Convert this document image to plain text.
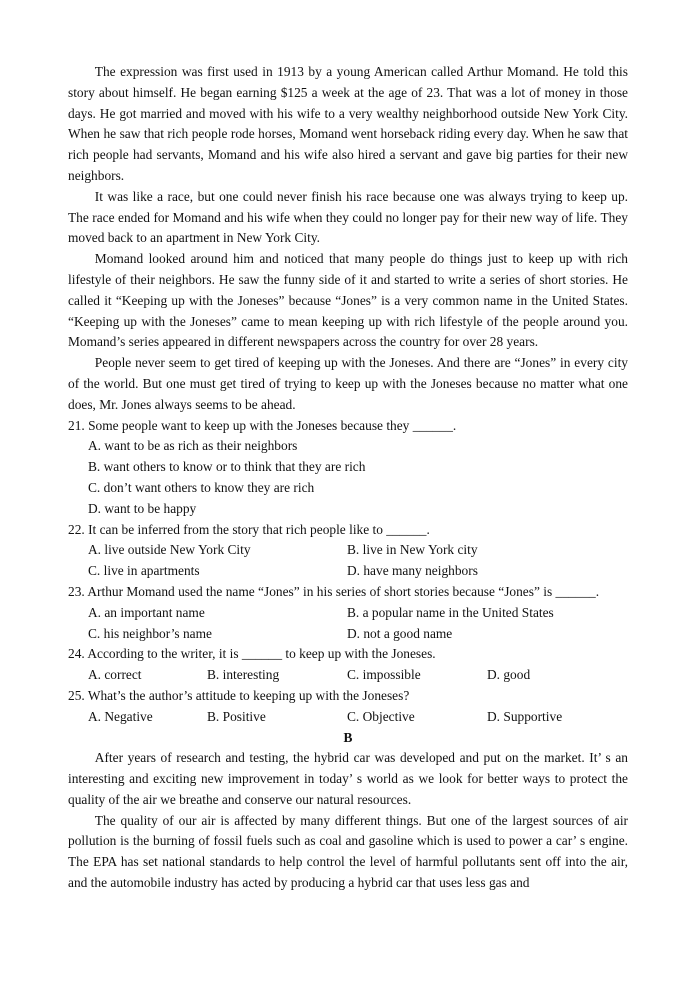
The expression was first used in 1913 by a young American called Arthur Momand. He told this story about himself. He began earning $125 a week at the age of 23. That was a lot of money in those days. He got married and moved with his wife to a very wealthy neighborhood outside New York City. When he saw that rich people rode horses, Momand went horseback riding every day. When he saw that rich people had servants, Momand and his wife also hired a servant and gave big parties for their new neighbors.

It was like a race, but one could never finish his race because one was always trying to keep up. The race ended for Momand and his wife when they could no longer pay for their new way of life. They moved back to an apartment in New York City.

Momand looked around him and noticed that many people do things just to keep up with rich lifestyle of their neighbors. He saw the funny side of it and started to write a series of short stories. He called it “Keeping up with the Joneses” because “Jones” is a very common name in the United States. “Keeping up with the Joneses” came to mean keeping up with rich lifestyle of the people around you. Momand’s series appeared in different newspapers across the country for over 28 years.

People never seem to get tired of keeping up with the Joneses. And there are “Jones” in every city of the world. But one must get tired of trying to keep up with the Joneses because no matter what one does, Mr. Jones always seems to be ahead.

21. Some people want to keep up with the Joneses because they ______.

A. want to be as rich as their neighbors
B. want others to know or to think that they are rich
C. don’t want others to know they are rich
D. want to be happy

22. It can be inferred from the story that rich people like to ______.

A. live outside New York City	B. live in New York city
C. live in apartments	D. have many neighbors

23. Arthur Momand used the name “Jones” in his series of short stories because “Jones” is ______.

A. an important name	B. a popular name in the United States
C. his neighbor’s name	D. not a good name

24. According to the writer, it is ______ to keep up with the Joneses.

A. correct	B. interesting	C. impossible	D. good

25. What’s the author’s attitude to keeping up with the Joneses?

A. Negative	B. Positive	C. Objective	D. Supportive

B

After years of research and testing, the hybrid car was developed and put on the market. It’ s an interesting and exciting new improvement in today’ s world as we look for better ways to protect the quality of the air we breathe and conserve our natural resources.

The quality of our air is affected by many different things. But one of the largest sources of air pollution is the burning of fossil fuels such as coal and gasoline which is used to power a car’ s engine. The EPA has set national standards to help control the level of harmful pollutants sent off into the air, and the automobile industry has acted by producing a hybrid car that uses less gas and
